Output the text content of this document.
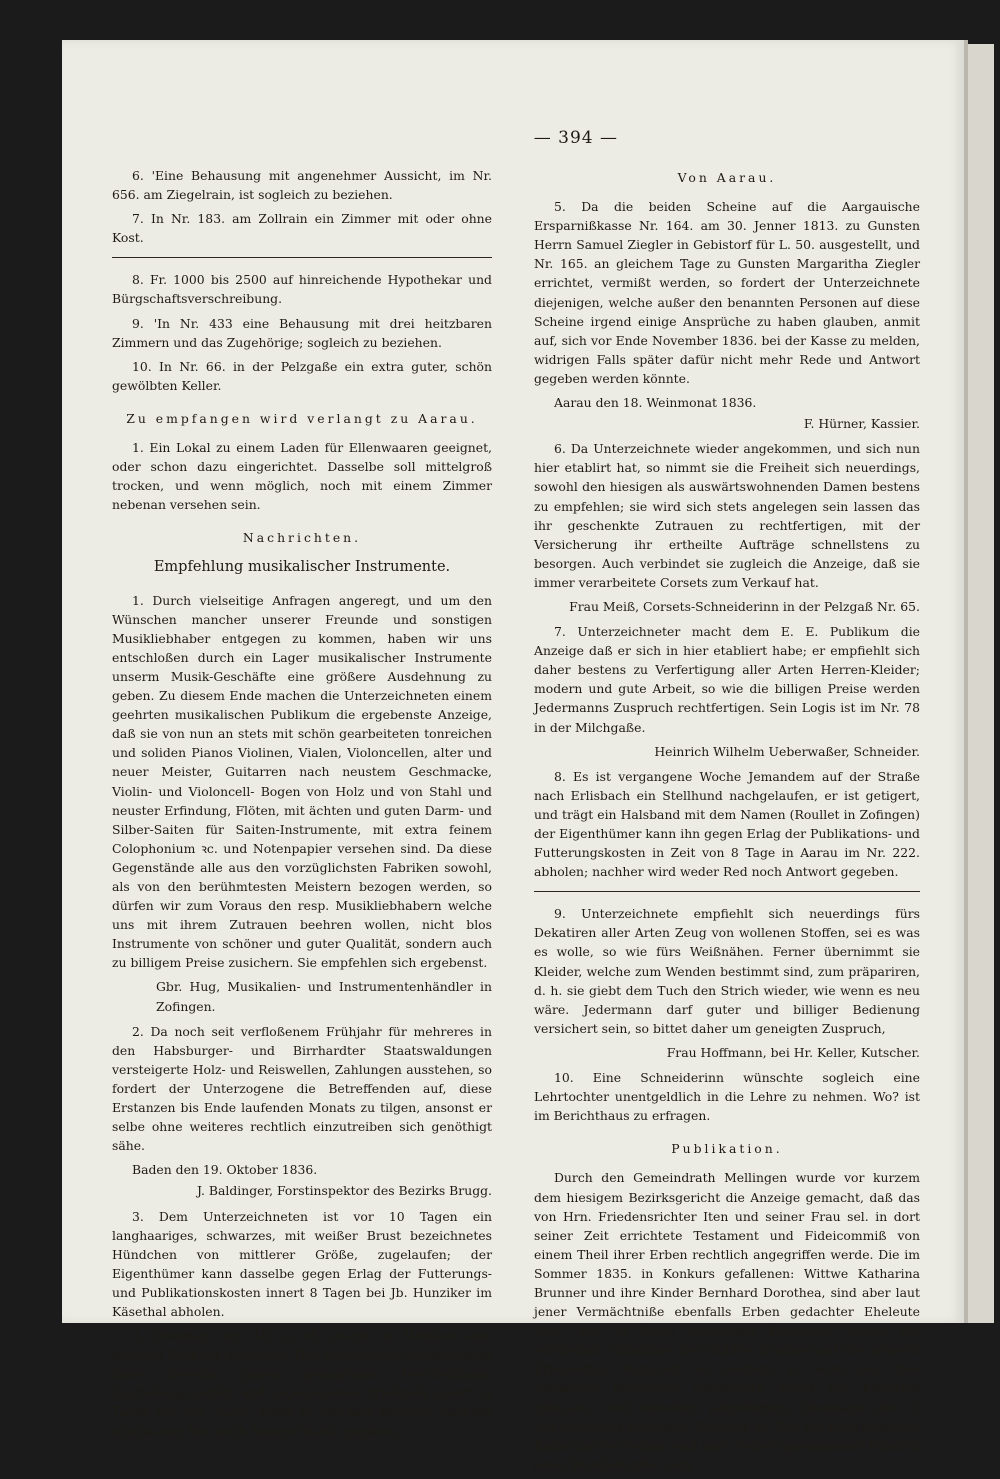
— 394 —

6. 'Eine Behausung mit angenehmer Aussicht, im Nr. 656. am Ziegelrain, ist sogleich zu beziehen.

7. In Nr. 183. am Zollrain ein Zimmer mit oder ohne Kost.

8. Fr. 1000 bis 2500 auf hinreichende Hypothekar und Bürgschaftsverschreibung.

9. 'In Nr. 433 eine Behausung mit drei heitzbaren Zimmern und das Zugehörige; sogleich zu beziehen.

10. In Nr. 66. in der Pelzgaße ein extra guter, schön gewölbten Keller.

Zu empfangen wird verlangt zu Aarau.

1. Ein Lokal zu einem Laden für Ellenwaaren geeignet, oder schon dazu eingerichtet. Dasselbe soll mittelgroß trocken, und wenn möglich, noch mit einem Zimmer nebenan versehen sein.

Nachrichten.
Empfehlung musikalischer Instrumente.

1. Durch vielseitige Anfragen angeregt, und um den Wünschen mancher unserer Freunde und sonstigen Musikliebhaber entgegen zu kommen, haben wir uns entschloßen durch ein Lager musikalischer Instrumente unserm Musik-Geschäfte eine größere Ausdehnung zu geben. Zu diesem Ende machen die Unterzeichneten einem geehrten musikalischen Publikum die ergebenste Anzeige, daß sie von nun an stets mit schön gearbeiteten tonreichen und soliden Pianos Violinen, Vialen, Violoncellen, alter und neuer Meister, Guitarren nach neustem Geschmacke, Violin- und Violoncell- Bogen von Holz und von Stahl und neuster Erfindung, Flöten, mit ächten und guten Darm- und Silber-Saiten für Saiten-Instrumente, mit extra feinem Colophonium ꝛc. und Notenpapier versehen sind. Da diese Gegenstände alle aus den vorzüglichsten Fabriken sowohl, als von den berühmtesten Meistern bezogen werden, so dürfen wir zum Voraus den resp. Musikliebhabern welche uns mit ihrem Zutrauen beehren wollen, nicht blos Instrumente von schöner und guter Qualität, sondern auch zu billigem Preise zusichern. Sie empfehlen sich ergebenst.

Gbr. Hug, Musikalien- und Instrumentenhändler in Zofingen.

2. Da noch seit verfloßenem Frühjahr für mehreres in den Habsburger- und Birrhardter Staatswaldungen versteigerte Holz- und Reiswellen, Zahlungen ausstehen, so fordert der Unterzogene die Betreffenden auf, diese Erstanzen bis Ende laufenden Monats zu tilgen, ansonst er selbe ohne weiteres rechtlich einzutreiben sich genöthigt sähe.

Baden den 19. Oktober 1836.

J. Baldinger, Forstinspektor des Bezirks Brugg.

3. Dem Unterzeichneten ist vor 10 Tagen ein langhaariges, schwarzes, mit weißer Brust bezeichnetes Hündchen von mittlerer Größe, zugelaufen; der Eigenthümer kann dasselbe gegen Erlag der Futterungs- und Publikationskosten innert 8 Tagen bei Jb. Hunziker im Käsethal abholen.

4. Dienstag den 18. d. M. wurde in Möriken eine silberne Sackuhr gefunden. Der rechtmäßige Eigenthümer kann dieselbe gegen genugsame Beschreibung, Einrückungsgebühr und angemessenes Trinkgeld innert 14 Tagen bei Joh. Suter, Wirth in Möriken abholen, nachher wird weder Red noch Antwort dafür gegeben.

Von Aarau.

5. Da die beiden Scheine auf die Aargauische Ersparnißkasse Nr. 164. am 30. Jenner 1813. zu Gunsten Herrn Samuel Ziegler in Gebistorf für L. 50. ausgestellt, und Nr. 165. an gleichem Tage zu Gunsten Margaritha Ziegler errichtet, vermißt werden, so fordert der Unterzeichnete diejenigen, welche außer den benannten Personen auf diese Scheine irgend einige Ansprüche zu haben glauben, anmit auf, sich vor Ende November 1836. bei der Kasse zu melden, widrigen Falls später dafür nicht mehr Rede und Antwort gegeben werden könnte.

Aarau den 18. Weinmonat 1836.

F. Hürner, Kassier.

6. Da Unterzeichnete wieder angekommen, und sich nun hier etablirt hat, so nimmt sie die Freiheit sich neuerdings, sowohl den hiesigen als auswärtswohnenden Damen bestens zu empfehlen; sie wird sich stets angelegen sein lassen das ihr geschenkte Zutrauen zu rechtfertigen, mit der Versicherung ihr ertheilte Aufträge schnellstens zu besorgen. Auch verbindet sie zugleich die Anzeige, daß sie immer verarbeitete Corsets zum Verkauf hat.

Frau Meiß, Corsets-Schneiderinn in der Pelzgaß Nr. 65.

7. Unterzeichneter macht dem E. E. Publikum die Anzeige daß er sich in hier etabliert habe; er empfiehlt sich daher bestens zu Verfertigung aller Arten Herren-Kleider; modern und gute Arbeit, so wie die billigen Preise werden Jedermanns Zuspruch rechtfertigen. Sein Logis ist im Nr. 78 in der Milchgaße.

Heinrich Wilhelm Ueberwaßer, Schneider.

8. Es ist vergangene Woche Jemandem auf der Straße nach Erlisbach ein Stellhund nachgelaufen, er ist getigert, und trägt ein Halsband mit dem Namen (Roullet in Zofingen) der Eigenthümer kann ihn gegen Erlag der Publikations- und Futterungskosten in Zeit von 8 Tage in Aarau im Nr. 222. abholen; nachher wird weder Red noch Antwort gegeben.

9. Unterzeichnete empfiehlt sich neuerdings fürs Dekatiren aller Arten Zeug von wollenen Stoffen, sei es was es wolle, so wie fürs Weißnähen. Ferner übernimmt sie Kleider, welche zum Wenden bestimmt sind, zum präpariren, d. h. sie giebt dem Tuch den Strich wieder, wie wenn es neu wäre. Jedermann darf guter und billiger Bedienung versichert sein, so bittet daher um geneigten Zuspruch,

Frau Hoffmann, bei Hr. Keller, Kutscher.

10. Eine Schneiderinn wünschte sogleich eine Lehrtochter unentgeldlich in die Lehre zu nehmen. Wo? ist im Berichthaus zu erfragen.

Publikation.

Durch den Gemeindrath Mellingen wurde vor kurzem dem hiesigem Bezirksgericht die Anzeige gemacht, daß das von Hrn. Friedensrichter Iten und seiner Frau sel. in dort seiner Zeit errichtete Testament und Fideicommiß von einem Theil ihrer Erben rechtlich angegriffen werde. Die im Sommer 1835. in Konkurs gefallenen: Wittwe Katharina Brunner und ihre Kinder Bernhard Dorothea, sind aber laut jener Vermächtniße ebenfalls Erben gedachter Eheleute Iten; und in Folge bemeldten Konkurses haben die verlustigen Gläubiger des Falliten Brunner auf der letztern Erbsportion Anspruch zu machen. Es wird nun dies Verhältniß bemeldten Gläubigern anmit zur Kenntniß gebracht, und dieselben aufgefordert, Dienstags den 3. Wintermonats nächsthin Morgens 10 Uhr vor Bezirksgericht Baden zu erscheinen, und nach vorher genommener Einsicht jener Vermächtniße, sich
